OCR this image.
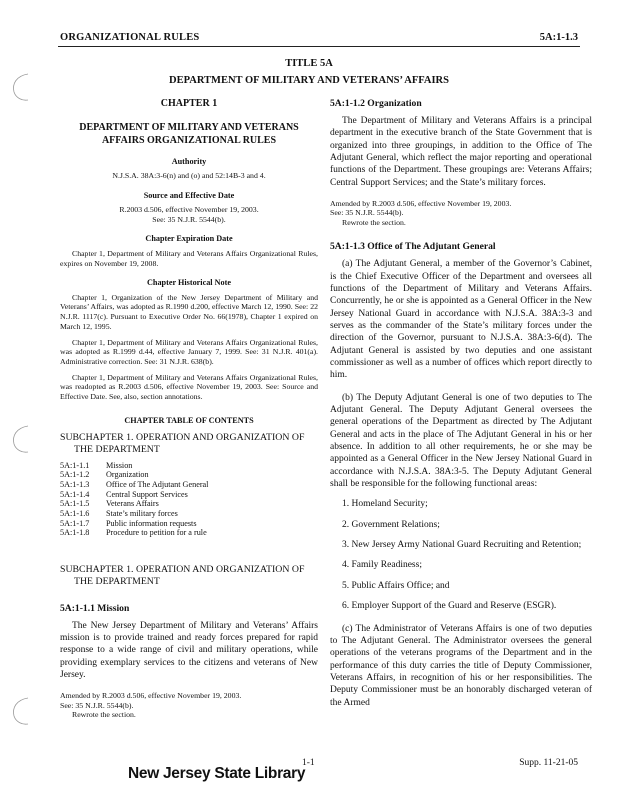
ORGANIZATIONAL RULES	5A:1-1.3
TITLE 5A
DEPARTMENT OF MILITARY AND VETERANS’ AFFAIRS
CHAPTER 1
DEPARTMENT OF MILITARY AND VETERANS AFFAIRS ORGANIZATIONAL RULES
Authority

N.J.S.A. 38A:3-6(n) and (o) and 52:14B-3 and 4.

Source and Effective Date

R.2003 d.506, effective November 19, 2003.

See: 35 N.J.R. 5544(b).

Chapter Expiration Date

Chapter 1, Department of Military and Veterans Affairs Organizational Rules, expires on November 19, 2008.

Chapter Historical Note

Chapter 1, Organization of the New Jersey Department of Military and Veterans’ Affairs, was adopted as R.1990 d.200, effective March 12, 1990. See: 22 N.J.R. 1117(c). Pursuant to Executive Order No. 66(1978), Chapter 1 expired on March 12, 1995.

Chapter 1, Department of Military and Veterans Affairs Organizational Rules, was adopted as R.1999 d.44, effective January 7, 1999. See: 31 N.J.R. 401(a). Administrative correction. See: 31 N.J.R. 638(b).

Chapter 1, Department of Military and Veterans Affairs Organizational Rules, was readopted as R.2003 d.506, effective November 19, 2003. See: Source and Effective Date. See, also, section annotations.

CHAPTER TABLE OF CONTENTS

SUBCHAPTER 1. OPERATION AND ORGANIZATION OF THE DEPARTMENT

5A:1-1.1	Mission
5A:1-1.2	Organization
5A:1-1.3	Office of The Adjutant General
5A:1-1.4	Central Support Services
5A:1-1.5	Veterans Affairs
5A:1-1.6	State’s military forces
5A:1-1.7	Public information requests
5A:1-1.8	Procedure to petition for a rule

SUBCHAPTER 1. OPERATION AND ORGANIZATION OF THE DEPARTMENT

5A:1-1.1 Mission

The New Jersey Department of Military and Veterans’ Affairs mission is to provide trained and ready forces prepared for rapid response to a wide range of civil and military operations, while providing exemplary services to the citizens and veterans of New Jersey.

Amended by R.2003 d.506, effective November 19, 2003.

See: 35 N.J.R. 5544(b).

Rewrote the section.

5A:1-1.2 Organization

The Department of Military and Veterans Affairs is a principal department in the executive branch of the State Government that is organized into three groupings, in addition to the Office of The Adjutant General, which reflect the major reporting and operational functions of the Department. These groupings are: Veterans Affairs; Central Support Services; and the State’s military forces.

Amended by R.2003 d.506, effective November 19, 2003.

See: 35 N.J.R. 5544(b).

Rewrote the section.

5A:1-1.3 Office of The Adjutant General

(a) The Adjutant General, a member of the Governor’s Cabinet, is the Chief Executive Officer of the Department and oversees all functions of the Department of Military and Veterans Affairs. Concurrently, he or she is appointed as a General Officer in the New Jersey National Guard in accordance with N.J.S.A. 38A:3-3 and serves as the commander of the State’s military forces under the direction of the Governor, pursuant to N.J.S.A. 38A:3-6(d). The Adjutant General is assisted by two deputies and one assistant commissioner as well as a number of offices which report directly to him.

(b) The Deputy Adjutant General is one of two deputies to The Adjutant General. The Deputy Adjutant General oversees the general operations of the Department as directed by The Adjutant General and acts in the place of The Adjutant General in his or her absence. In addition to all other requirements, he or she may be appointed as a General Officer in the New Jersey National Guard in accordance with N.J.S.A. 38A:3-5. The Deputy Adjutant General shall be responsible for the following functional areas:

1. Homeland Security;

2. Government Relations;

3. New Jersey Army National Guard Recruiting and Retention;

4. Family Readiness;

5. Public Affairs Office; and

6. Employer Support of the Guard and Reserve (ESGR).

(c) The Administrator of Veterans Affairs is one of two deputies to The Adjutant General. The Administrator oversees the general operations of the veterans programs of the Department and in the performance of this duty carries the title of Deputy Commissioner, Veterans Affairs, in recognition of his or her responsibilities. The Deputy Commissioner must be an honorably discharged veteran of the Armed

1-1	Supp. 11-21-05
New Jersey State Library
